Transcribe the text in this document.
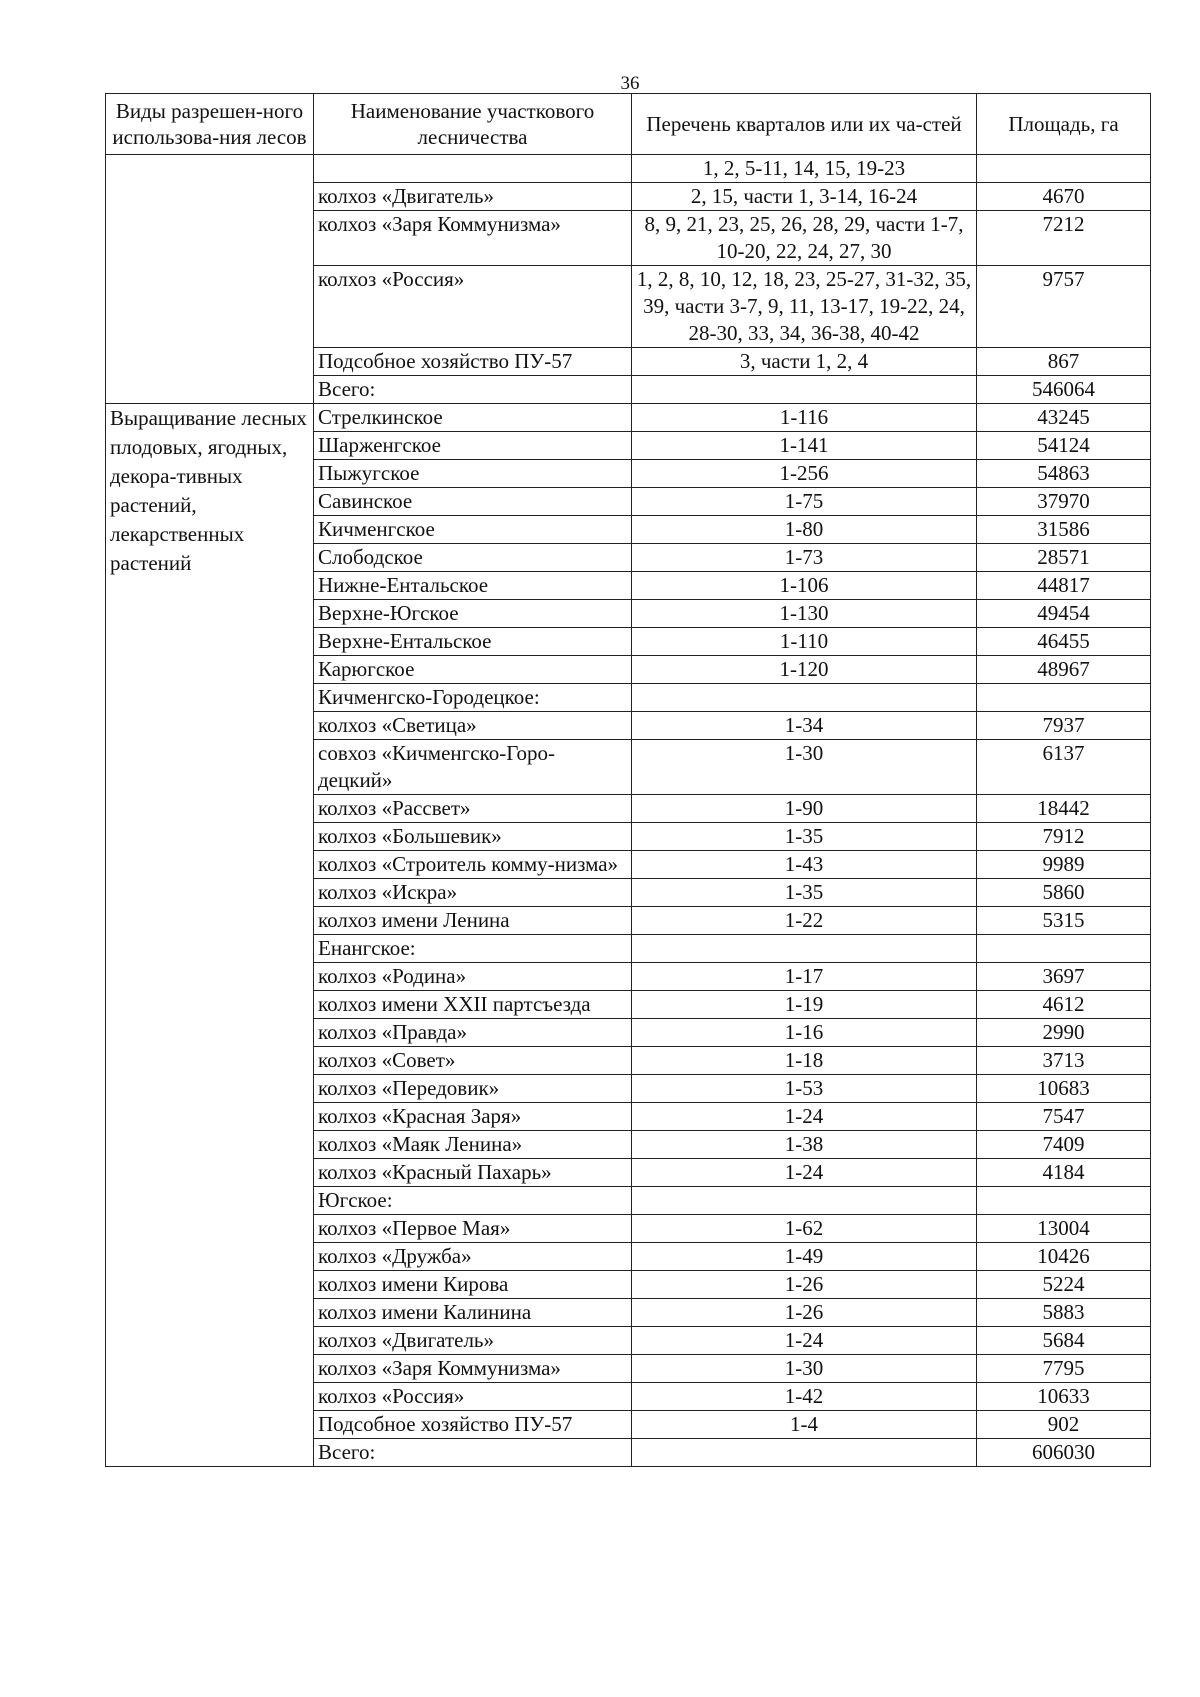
36
Виды разрешен-ного использова-ния лесов	Наименование участкового лесничества	Перечень кварталов или их ча-стей	Площадь, га
		1, 2, 5-11, 14, 15, 19-23	
	колхоз «Двигатель»	2, 15, части 1, 3-14, 16-24	4670
	колхоз «Заря Коммунизма»	8, 9, 21, 23, 25, 26, 28, 29, части 1-7, 10-20, 22, 24, 27, 30	7212
	колхоз «Россия»	1, 2, 8, 10, 12, 18, 23, 25-27, 31-32, 35, 39, части 3-7, 9, 11, 13-17, 19-22, 24, 28-30, 33, 34, 36-38, 40-42	9757
	Подсобное хозяйство ПУ-57	3, части 1, 2, 4	867
	Всего:		546064
Выращивание лесных плодовых, ягодных, декора-тивных растений, лекарственных растений	Стрелкинское	1-116	43245
	Шарженгское	1-141	54124
	Пыжугское	1-256	54863
	Савинское	1-75	37970
	Кичменгское	1-80	31586
	Слободское	1-73	28571
	Нижне-Ентальское	1-106	44817
	Верхне-Югское	1-130	49454
	Верхне-Ентальское	1-110	46455
	Карюгское	1-120	48967
	Кичменгско-Городецкое:		
	колхоз «Светица»	1-34	7937
	совхоз «Кичменгско-Горо-децкий»	1-30	6137
	колхоз «Рассвет»	1-90	18442
	колхоз «Большевик»	1-35	7912
	колхоз «Строитель комму-низма»	1-43	9989
	колхоз «Искра»	1-35	5860
	колхоз имени Ленина	1-22	5315
	Енангское:		
	колхоз «Родина»	1-17	3697
	колхоз имени XXII партсъезда	1-19	4612
	колхоз «Правда»	1-16	2990
	колхоз «Совет»	1-18	3713
	колхоз «Передовик»	1-53	10683
	колхоз «Красная Заря»	1-24	7547
	колхоз «Маяк Ленина»	1-38	7409
	колхоз «Красный Пахарь»	1-24	4184
	Югское:		
	колхоз «Первое Мая»	1-62	13004
	колхоз «Дружба»	1-49	10426
	колхоз имени Кирова	1-26	5224
	колхоз имени Калинина	1-26	5883
	колхоз «Двигатель»	1-24	5684
	колхоз «Заря Коммунизма»	1-30	7795
	колхоз «Россия»	1-42	10633
	Подсобное хозяйство ПУ-57	1-4	902
	Всего:		606030
